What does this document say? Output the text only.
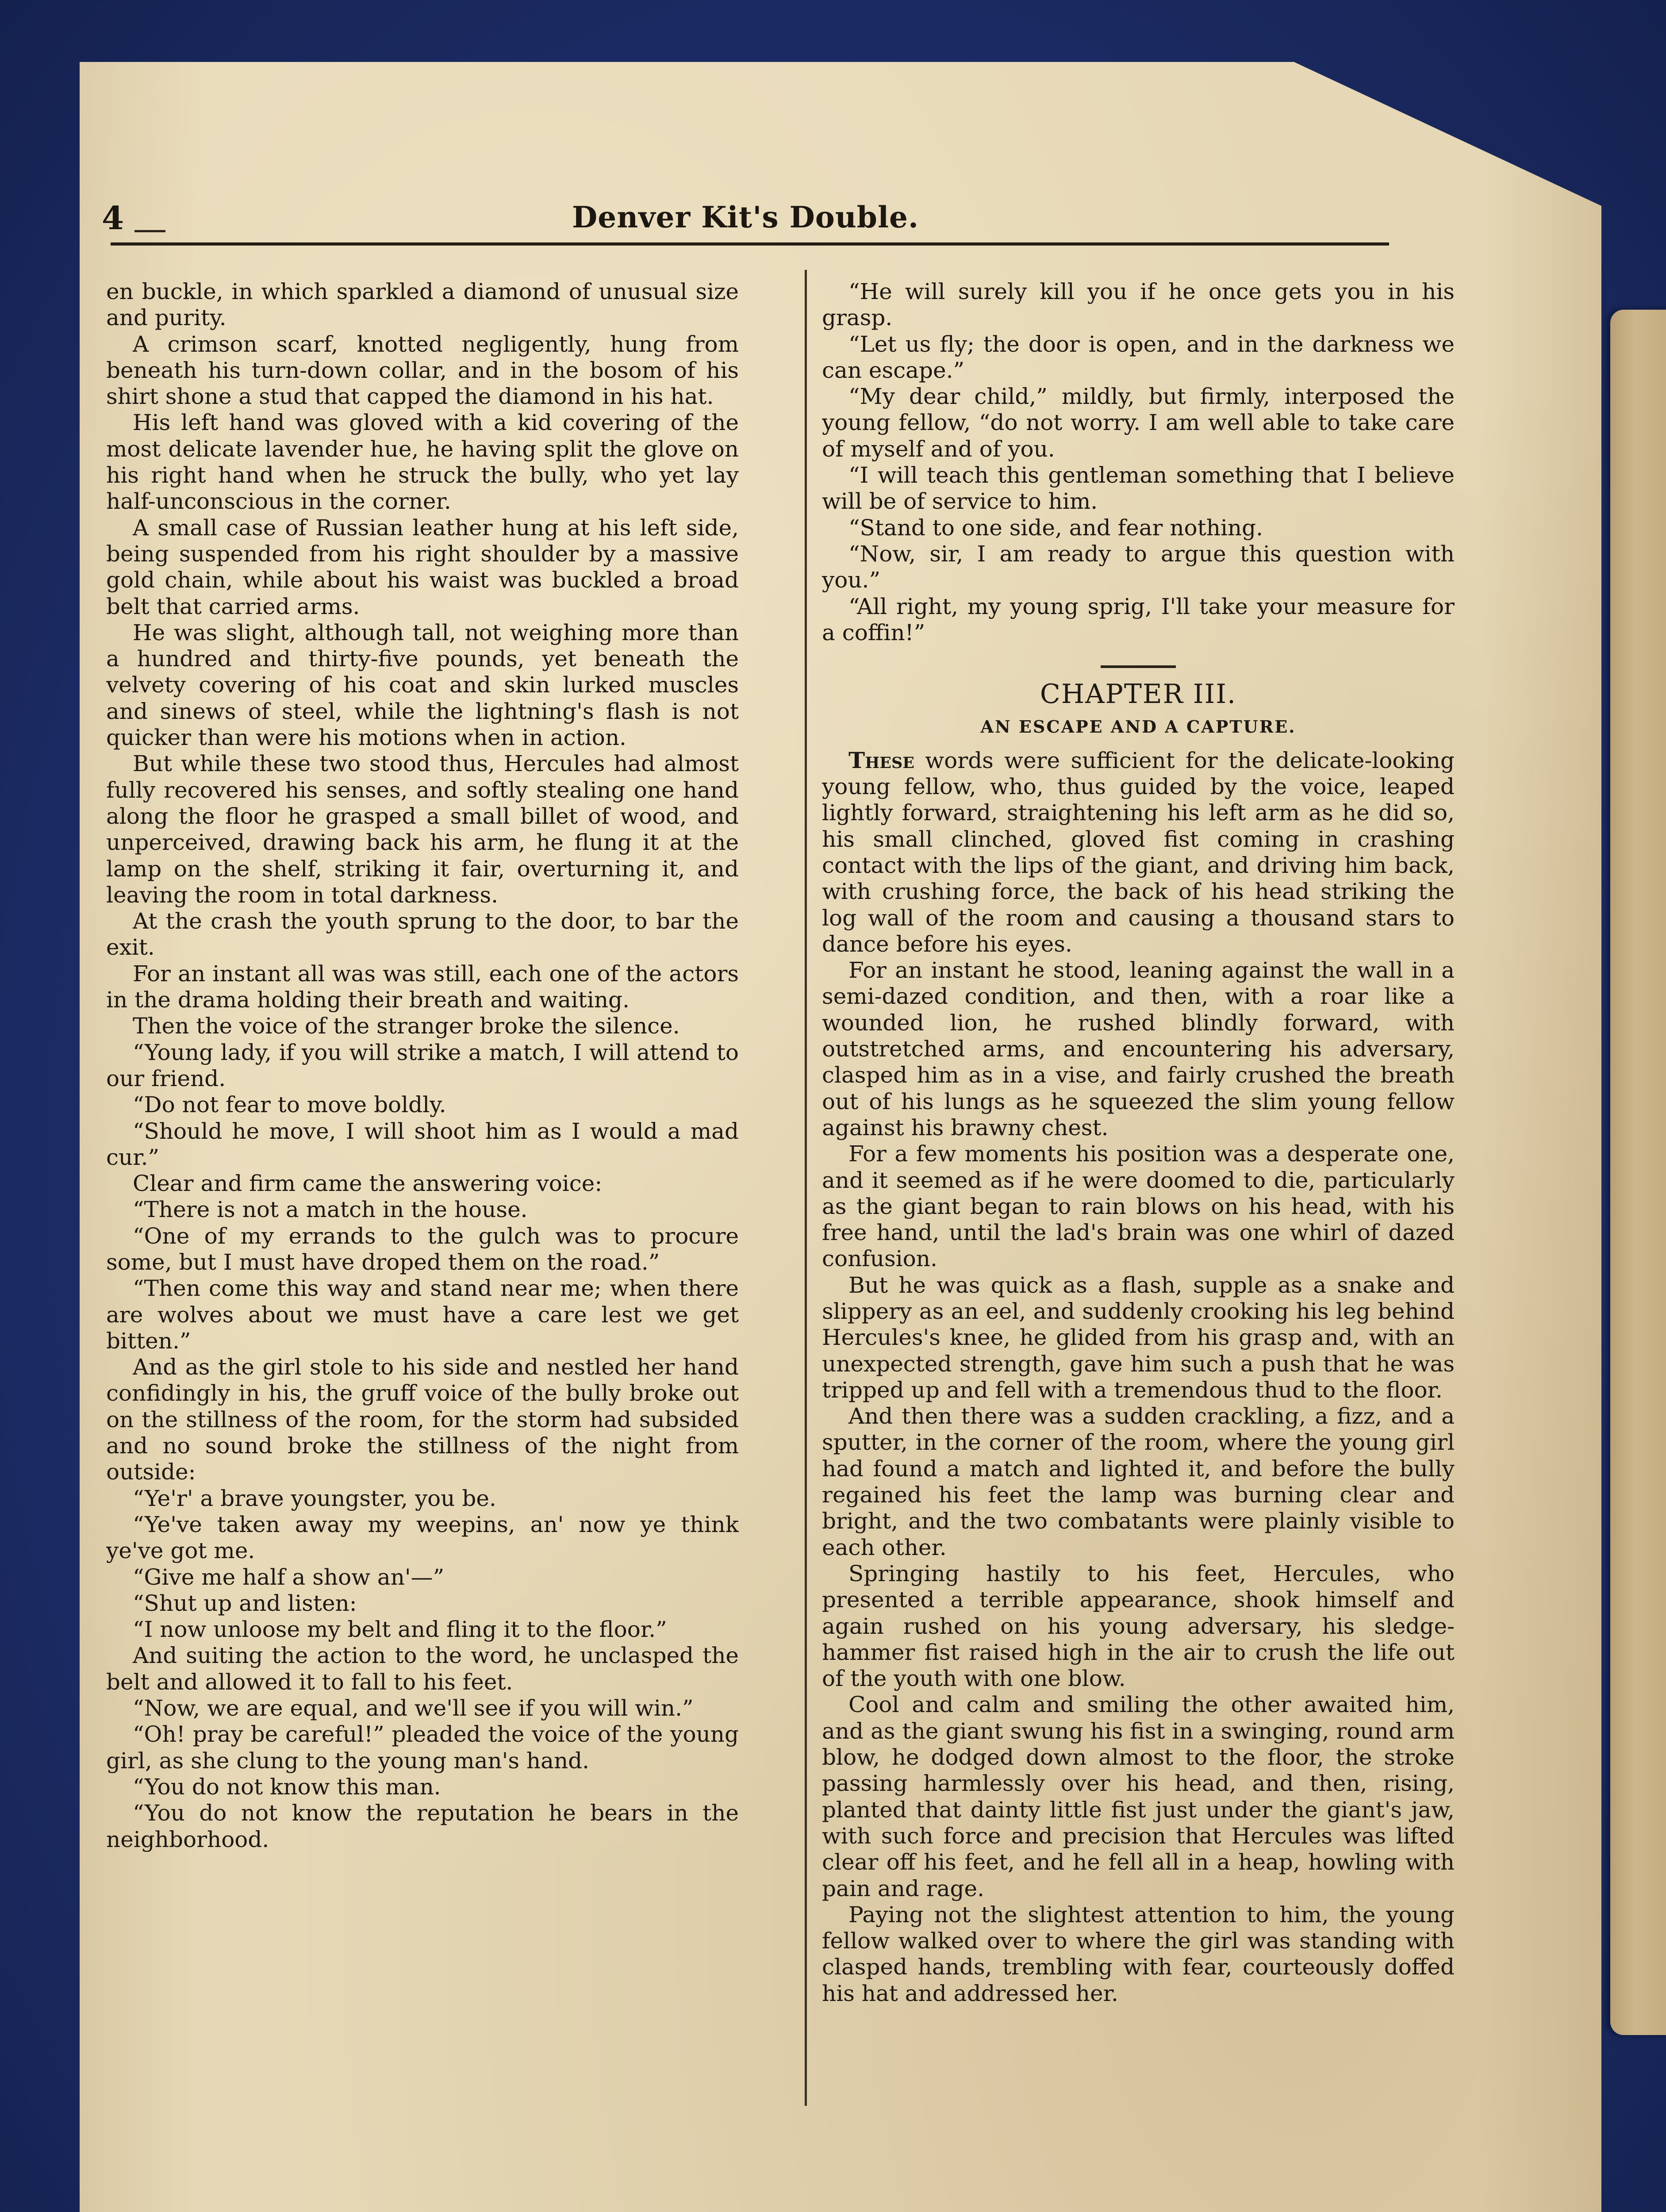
4	Denver Kit's Double.

en buckle, in which sparkled a diamond of unusual size and purity.

A crimson scarf, knotted negligently, hung from beneath his turn-down collar, and in the bosom of his shirt shone a stud that capped the diamond in his hat.

His left hand was gloved with a kid covering of the most delicate lavender hue, he having split the glove on his right hand when he struck the bully, who yet lay half-unconscious in the corner.

A small case of Russian leather hung at his left side, being suspended from his right shoulder by a massive gold chain, while about his waist was buckled a broad belt that carried arms.

He was slight, although tall, not weighing more than a hundred and thirty-five pounds, yet beneath the velvety covering of his coat and skin lurked muscles and sinews of steel, while the lightning's flash is not quicker than were his motions when in action.

But while these two stood thus, Hercules had almost fully recovered his senses, and softly stealing one hand along the floor he grasped a small billet of wood, and unperceived, drawing back his arm, he flung it at the lamp on the shelf, striking it fair, overturning it, and leaving the room in total darkness.

At the crash the youth sprung to the door, to bar the exit.

For an instant all was was still, each one of the actors in the drama holding their breath and waiting.

Then the voice of the stranger broke the silence.

“Young lady, if you will strike a match, I will attend to our friend.

“Do not fear to move boldly.

“Should he move, I will shoot him as I would a mad cur.”

Clear and firm came the answering voice:

“There is not a match in the house.

“One of my errands to the gulch was to procure some, but I must have droped them on the road.”

“Then come this way and stand near me; when there are wolves about we must have a care lest we get bitten.”

And as the girl stole to his side and nestled her hand confidingly in his, the gruff voice of the bully broke out on the stillness of the room, for the storm had subsided and no sound broke the stillness of the night from outside:

“Ye'r' a brave youngster, you be.

“Ye've taken away my weepins, an' now ye think ye've got me.

“Give me half a show an'—”

“Shut up and listen:

“I now unloose my belt and fling it to the floor.”

And suiting the action to the word, he unclasped the belt and allowed it to fall to his feet.

“Now, we are equal, and we'll see if you will win.”

“Oh! pray be careful!” pleaded the voice of the young girl, as she clung to the young man's hand.

“You do not know this man.

“You do not know the reputation he bears in the neighborhood.

“He will surely kill you if he once gets you in his grasp.

“Let us fly; the door is open, and in the darkness we can escape.”

“My dear child,” mildly, but firmly, interposed the young fellow, “do not worry. I am well able to take care of myself and of you.

“I will teach this gentleman something that I believe will be of service to him.

“Stand to one side, and fear nothing.

“Now, sir, I am ready to argue this question with you.”

“All right, my young sprig, I'll take your measure for a coffin!”

CHAPTER III.
AN ESCAPE AND A CAPTURE.

These words were sufficient for the delicate-looking young fellow, who, thus guided by the voice, leaped lightly forward, straightening his left arm as he did so, his small clinched, gloved fist coming in crashing contact with the lips of the giant, and driving him back, with crushing force, the back of his head striking the log wall of the room and causing a thousand stars to dance before his eyes.

For an instant he stood, leaning against the wall in a semi-dazed condition, and then, with a roar like a wounded lion, he rushed blindly forward, with outstretched arms, and encountering his adversary, clasped him as in a vise, and fairly crushed the breath out of his lungs as he squeezed the slim young fellow against his brawny chest.

For a few moments his position was a desperate one, and it seemed as if he were doomed to die, particularly as the giant began to rain blows on his head, with his free hand, until the lad's brain was one whirl of dazed confusion.

But he was quick as a flash, supple as a snake and slippery as an eel, and suddenly crooking his leg behind Hercules's knee, he glided from his grasp and, with an unexpected strength, gave him such a push that he was tripped up and fell with a tremendous thud to the floor.

And then there was a sudden crackling, a fizz, and a sputter, in the corner of the room, where the young girl had found a match and lighted it, and before the bully regained his feet the lamp was burning clear and bright, and the two combatants were plainly visible to each other.

Springing hastily to his feet, Hercules, who presented a terrible appearance, shook himself and again rushed on his young adversary, his sledge-hammer fist raised high in the air to crush the life out of the youth with one blow.

Cool and calm and smiling the other awaited him, and as the giant swung his fist in a swinging, round arm blow, he dodged down almost to the floor, the stroke passing harmlessly over his head, and then, rising, planted that dainty little fist just under the giant's jaw, with such force and precision that Hercules was lifted clear off his feet, and he fell all in a heap, howling with pain and rage.

Paying not the slightest attention to him, the young fellow walked over to where the girl was standing with clasped hands, trembling with fear, courteously doffed his hat and addressed her.
